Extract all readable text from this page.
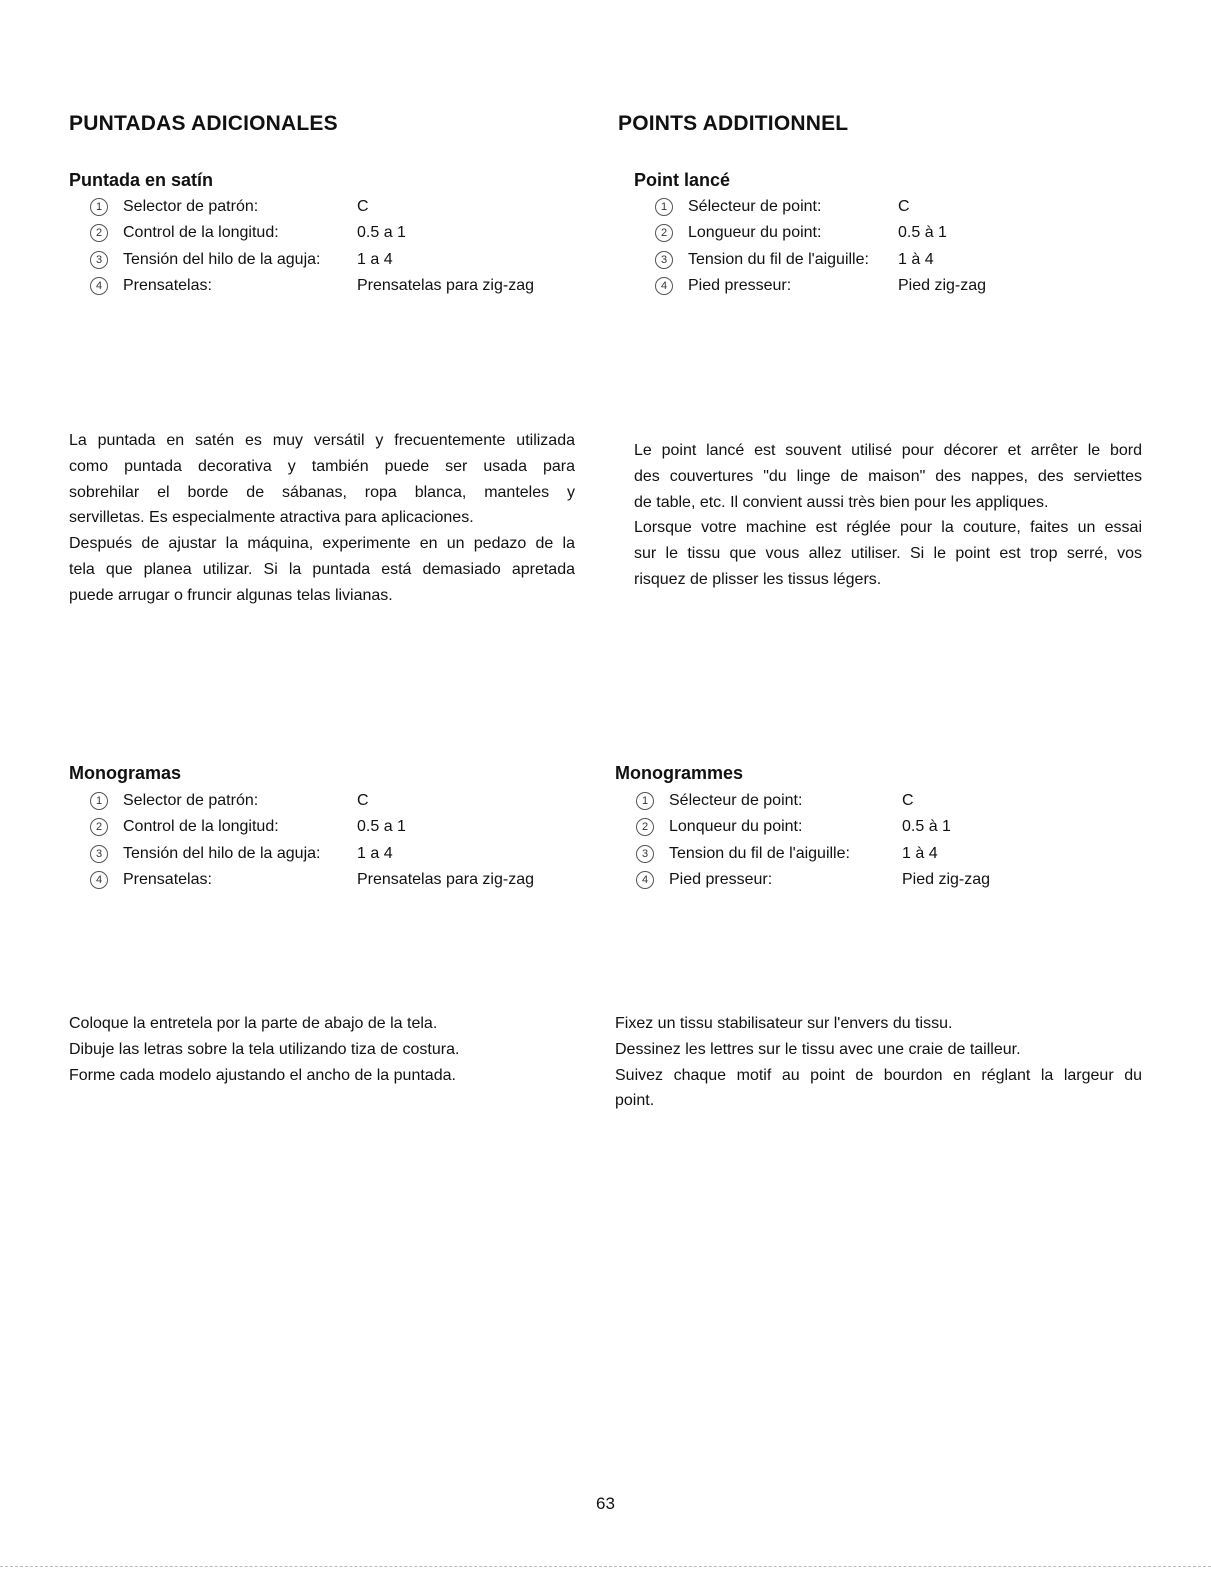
PUNTADAS ADICIONALES
Puntada en satín
1	Selector de patrón:	C
2	Control de la longitud:	0.5 a 1
3	Tensión del hilo de la aguja: 1 a 4
4	Prensatelas:	Prensatelas para zig-zag

La puntada en satén es muy versátil y frecuentemente utilizada

como puntada decorativa y también puede ser usada para

sobrehilar el borde de sábanas, ropa blanca, manteles y

servilletas. Es especialmente atractiva para aplicaciones.

Después de ajustar la máquina, experimente en un pedazo de la

tela que planea utilizar. Si la puntada está demasiado apretada

puede arrugar o fruncir algunas telas livianas.

Monogramas
1	Selector de patrón:	C
2	Control de la longitud:	0.5 a 1
3	Tensión del hilo de la aguja: 1 a 4
4	Prensatelas:	Prensatelas para zig-zag

Coloque la entretela por la parte de abajo de la tela.

Dibuje las letras sobre la tela utilizando tiza de costura.

Forme cada modelo ajustando el ancho de la puntada.

POINTS ADDITIONNEL
Point lancé
1	Sélecteur de point:	C
2	Longueur du point:	0.5 à 1
3	Tension du fil de l'aiguille: 1 à 4
4	Pied presseur:	Pied zig-zag

Le point lancé est souvent utilisé pour décorer et arrêter le bord

des couvertures "du linge de maison" des nappes, des serviettes

de table, etc. Il convient aussi très bien pour les appliques.

Lorsque votre machine est réglée pour la couture, faites un essai

sur le tissu que vous allez utiliser. Si le point est trop serré, vos

risquez de plisser les tissus légers.

Monogrammes
1	Sélecteur de point:	C
2	Lonqueur du point:	0.5 à 1
3	Tension du fil de l'aiguille:	1 à 4
4	Pied presseur:	Pied zig-zag

Fixez un tissu stabilisateur sur l'envers du tissu.

Dessinez les lettres sur le tissu avec une craie de tailleur.

Suivez chaque motif au point de bourdon en réglant la largeur du

point.

63
